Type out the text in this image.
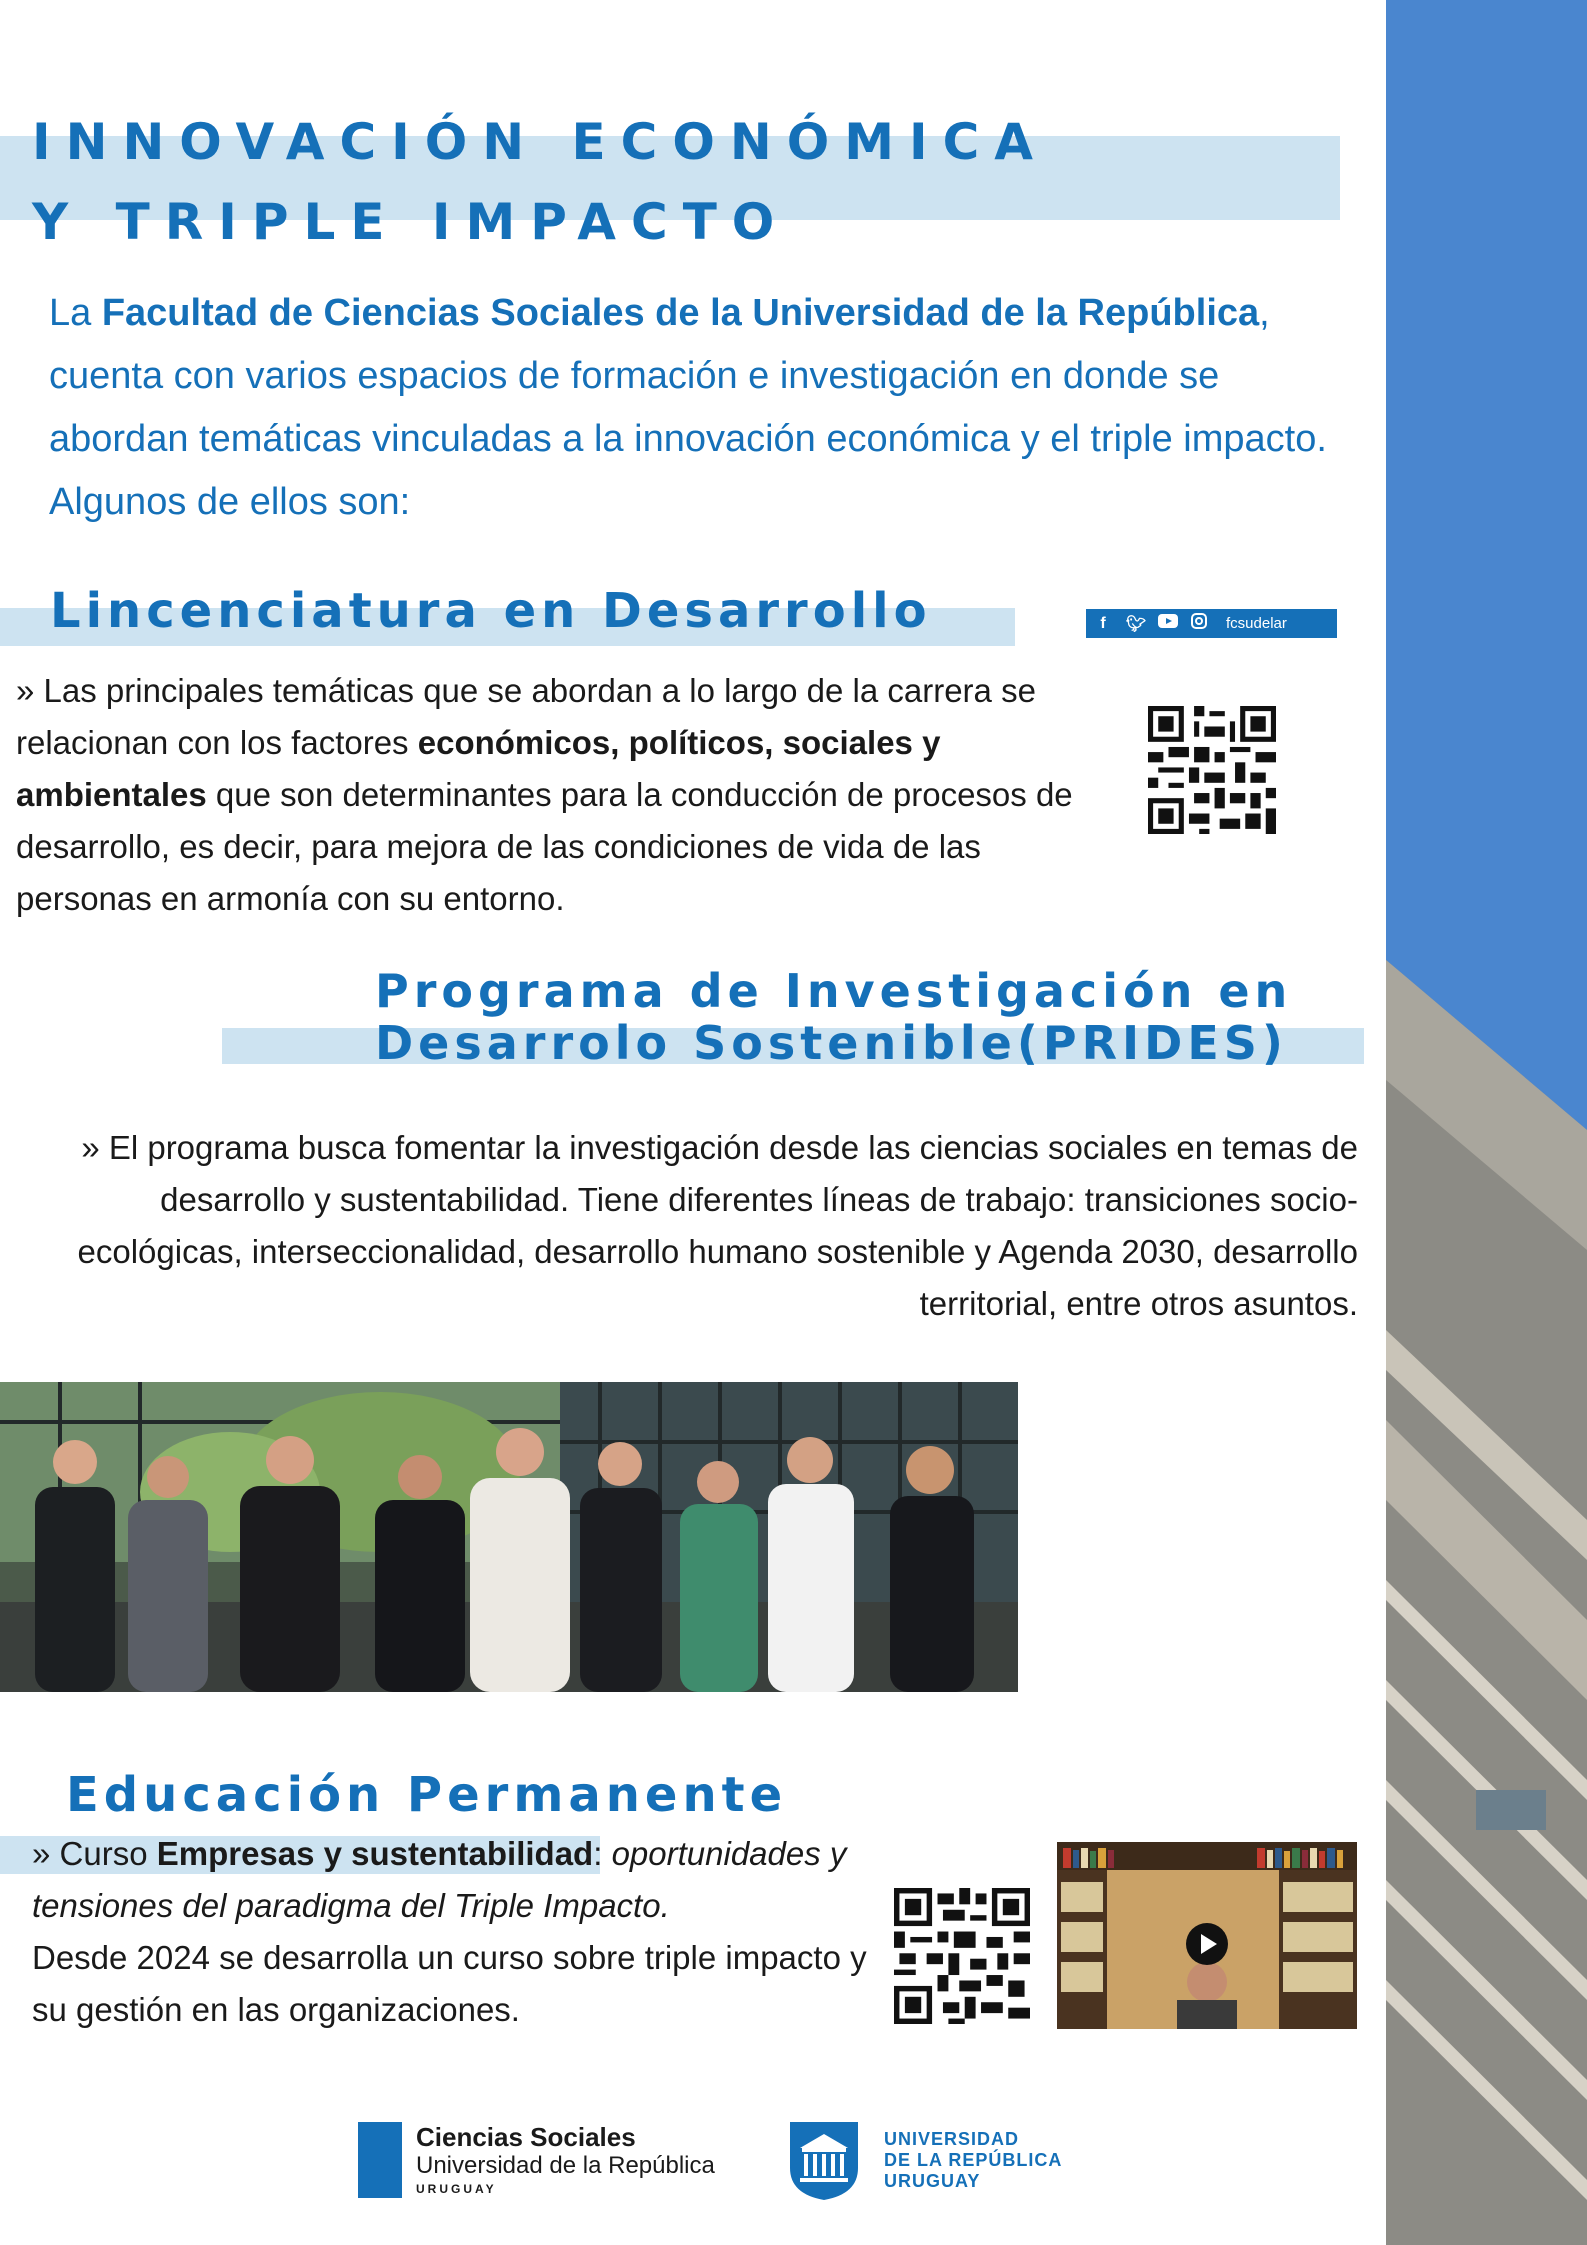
INNOVACIÓN ECONÓMICA
Y TRIPLE IMPACTO

La Facultad de Ciencias Sociales de la Universidad de la República, cuenta con varios espacios de formación e investigación en donde se abordan temáticas vinculadas a la innovación económica y el triple impacto. Algunos de ellos son:

Lincenciatura en Desarrollo	f	🐦︎	fcsudelar

» Las principales temáticas que se abordan a lo largo de la carrera se relacionan con los factores económicos, políticos, sociales y ambientales que son determinantes para la conducción de procesos de desarrollo, es decir, para mejora de las condiciones de vida de las personas en armonía con su entorno.

Programa de Investigación en
Desarrolo Sostenible(PRIDES)

» El programa busca fomentar la investigación desde las ciencias sociales en temas de desarrollo y sustentabilidad. Tiene diferentes líneas de trabajo: transiciones socio-ecológicas, interseccionalidad, desarrollo humano sostenible y Agenda 2030, desarrollo territorial, entre otros asuntos.

Educación Permanente

» Curso Empresas y sustentabilidad: oportunidades y tensiones del paradigma del Triple Impacto.
Desde 2024 se desarrolla un curso sobre triple impacto y su gestión en las organizaciones.

Ciencias Sociales
Universidad de la República
URUGUAY
UNIVERSIDAD
DE LA REPÚBLICA
URUGUAY
